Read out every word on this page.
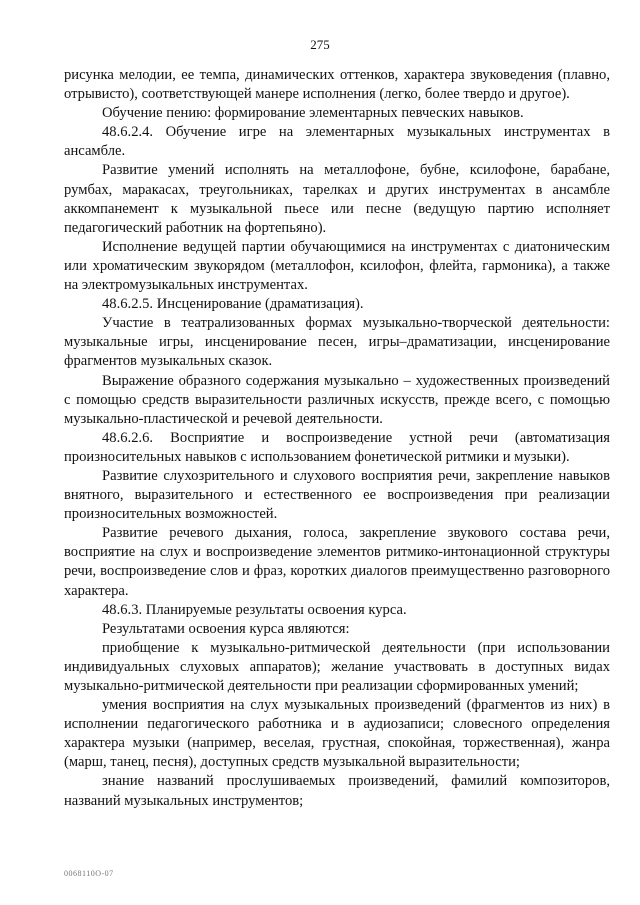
275

рисунка мелодии, ее темпа, динамических оттенков, характера звуковедения (плавно, отрывисто), соответствующей манере исполнения (легко, более твердо и другое).

Обучение пению: формирование элементарных певческих навыков.

48.6.2.4. Обучение игре на элементарных музыкальных инструментах в ансамбле.

Развитие умений исполнять на металлофоне, бубне, ксилофоне, барабане, румбах, маракасах, треугольниках, тарелках и других инструментах в ансамбле аккомпанемент к музыкальной пьесе или песне (ведущую партию исполняет педагогический работник на фортепьяно).

Исполнение ведущей партии обучающимися на инструментах с диатоническим или хроматическим звукорядом (металлофон, ксилофон, флейта, гармоника), а также на электромузыкальных инструментах.

48.6.2.5. Инсценирование (драматизация).

Участие в театрализованных формах музыкально-творческой деятельности: музыкальные игры, инсценирование песен, игры–драматизации, инсценирование фрагментов музыкальных сказок.

Выражение образного содержания музыкально – художественных произведений с помощью средств выразительности различных искусств, прежде всего, с помощью музыкально-пластической и речевой деятельности.

48.6.2.6. Восприятие и воспроизведение устной речи (автоматизация произносительных навыков с использованием фонетической ритмики и музыки).

Развитие слухозрительного и слухового восприятия речи, закрепление навыков внятного, выразительного и естественного ее воспроизведения при реализации произносительных возможностей.

Развитие речевого дыхания, голоса, закрепление звукового состава речи, восприятие на слух и воспроизведение элементов ритмико-интонационной структуры речи, воспроизведение слов и фраз, коротких диалогов преимущественно разговорного характера.

48.6.3. Планируемые результаты освоения курса.

Результатами освоения курса являются:

приобщение к музыкально-ритмической деятельности (при использовании индивидуальных слуховых аппаратов); желание участвовать в доступных видах музыкально-ритмической деятельности при реализации сформированных умений;

умения восприятия на слух музыкальных произведений (фрагментов из них) в исполнении педагогического работника и в аудиозаписи; словесного определения характера музыки (например, веселая, грустная, спокойная, торжественная), жанра (марш, танец, песня), доступных средств музыкальной выразительности;

знание названий прослушиваемых произведений, фамилий композиторов, названий музыкальных инструментов;

0068110О-07
